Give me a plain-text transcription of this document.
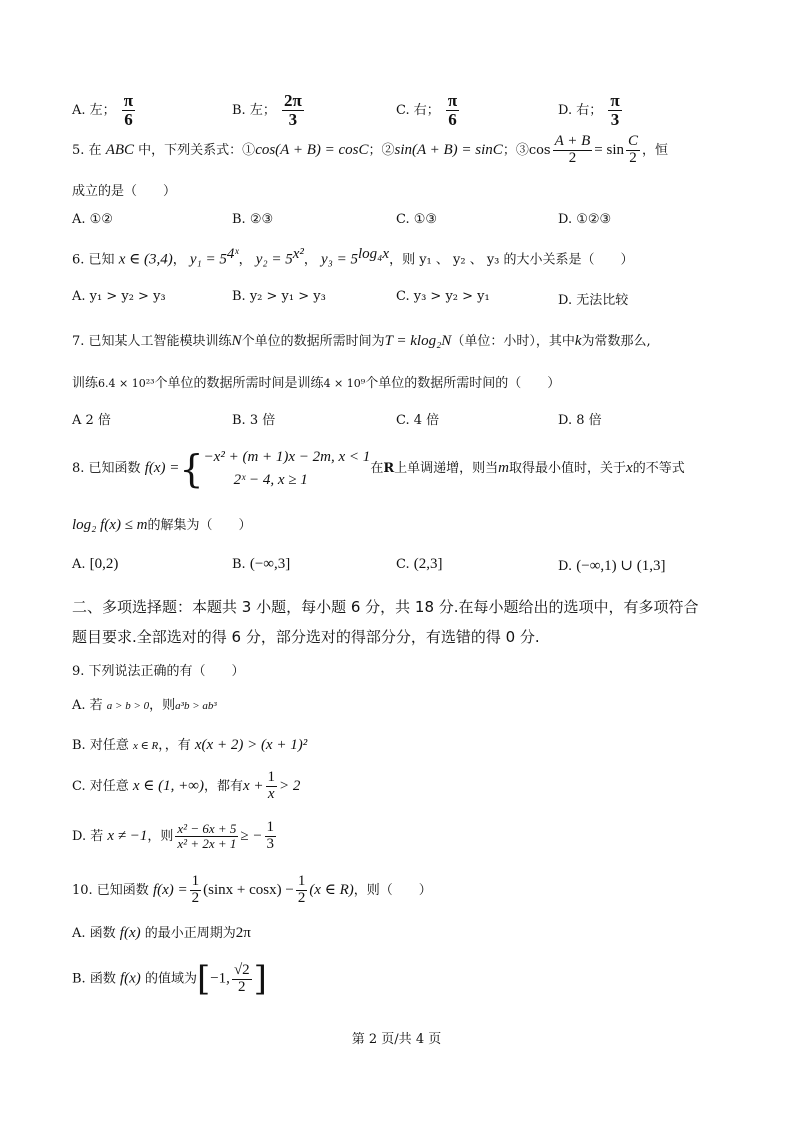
A. 左； $\frac{\pi}{6}$	B. 左； $\frac{2\pi}{3}$	C. 右； $\frac{\pi}{6}$	D. 右； $\frac{\pi}{3}$
5. 在 ABC 中，下列关系式：①cos(A + B) = cosC；②sin(A + B) = sinC；③cos $\frac{A + B}{2} = \sin \frac{C}{2}$ ，恒
成立的是（　　）
A. ①②	B. ②③	C. ①③	D. ①②③
6. 已知 x ∈ (3,4)， $y_1 = 5^{4ˣ}$， $y_2 = 5^{x^2}$， $y_3 = 5^{log_4x}$，则 y₁ 、 y₂ 、 y₃ 的大小关系是（　　）
A. y₁ > y₂ > y₃	B. y₂ > y₁ > y₃	C. y₃ > y₂ > y₁	D. 无法比较
7. 已知某人工智能模块训练N个单位的数据所需时间为T = klog₂N（单位：小时），其中k为常数那么,
训练6.4 × 10²³个单位的数据所需时间是训练4 × 10⁹个单位的数据所需时间的（　　）
A 2 倍	B. 3 倍	C. 4 倍	D. 8 倍
8. 已知函数 f(x) ={ −x² + (m + 1)x − 2m, x < 1
2ˣ − 4, x ≥ 1
在R上单调递增，则当m取得最小值时，关于x的不等式
log₂ f(x) ≤ m的解集为（　　）
A. [0,2)	B. (−∞,3]	C. (2,3]	D. (−∞,1) ∪ (1,3]
二、多项选择题：本题共 3 小题，每小题 6 分，共 18 分.在每小题给出的选项中，有多项符合
题目要求.全部选对的得 6 分，部分选对的得部分分，有选错的得 0 分.
9. 下列说法正确的有（　　）
A. 若 a > b > 0，则a³b > ab³
B. 对任意 x ∈ R，，有 x(x + 2) > (x + 1)²
C. 对任意 x ∈ (1, +∞)，都有$x + \frac{1}{x} > 2$
D. 若 x ≠ −1，则 $\frac{\text{x² − 6x + 5}}{\text{x² + 2x + 1}}$ ≥ − $\frac{1}{3}$
10. 已知函数 $f(x) = \frac{1}{2} (\sin x + \cos x) - \frac{1}{2} (x$ ∈ R)，则（　　）
A. 函数 f(x) 的最小正周期为2π
B. 函数 f(x) 的值域为[−1, $\frac{√2}{2}$ ]
第 2 页/共 4 页
